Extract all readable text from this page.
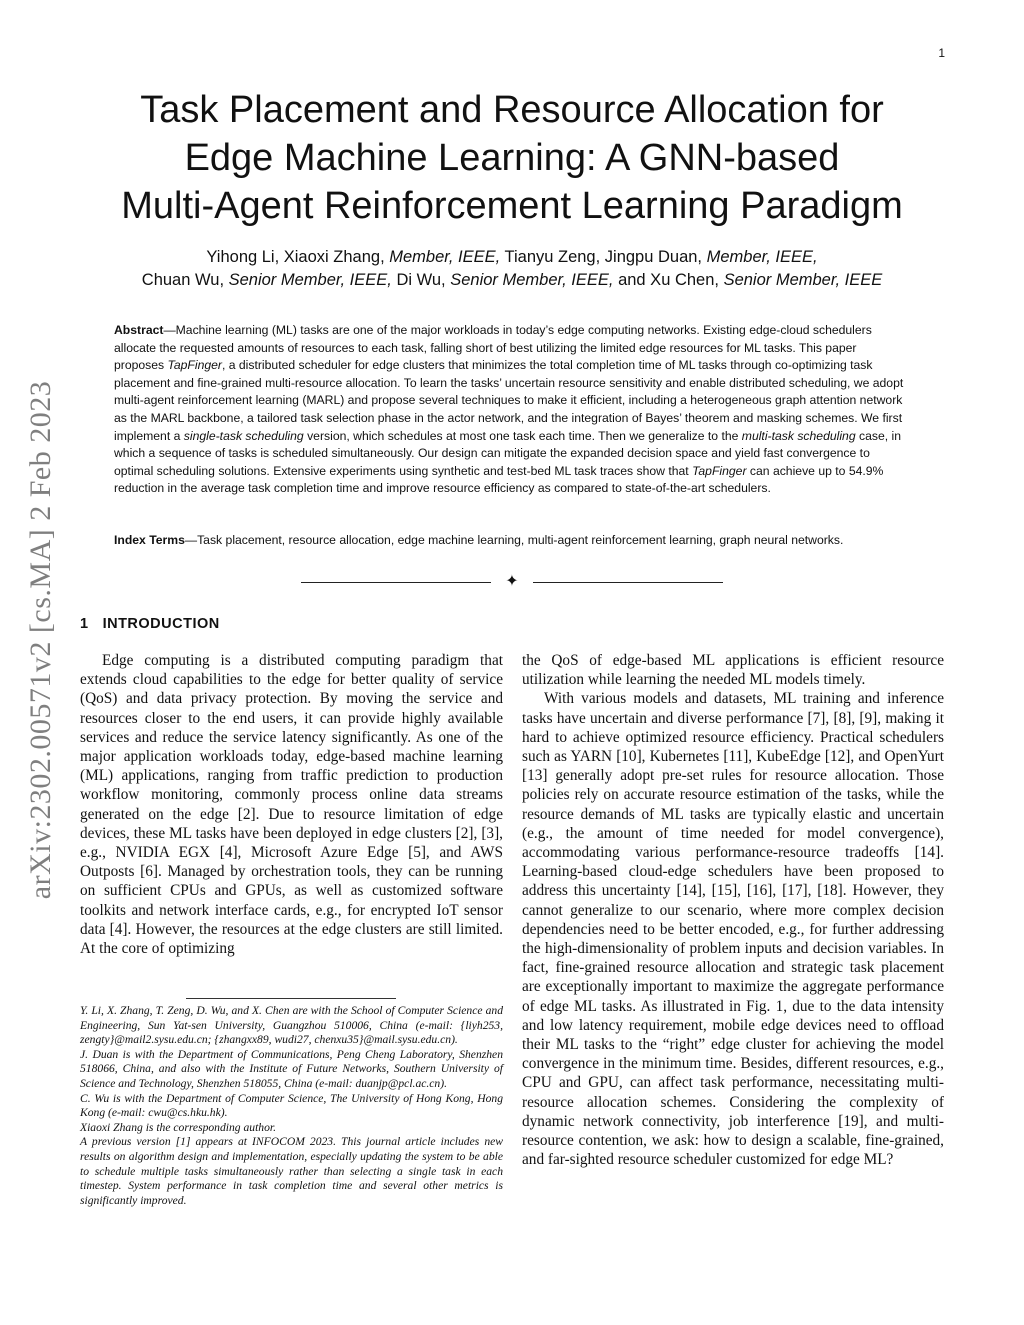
1
arXiv:2302.00571v2 [cs.MA] 2 Feb 2023
Task Placement and Resource Allocation for
Edge Machine Learning: A GNN-based
Multi-Agent Reinforcement Learning Paradigm
Yihong Li, Xiaoxi Zhang, Member, IEEE, Tianyu Zeng, Jingpu Duan, Member, IEEE,
Chuan Wu, Senior Member, IEEE, Di Wu, Senior Member, IEEE, and Xu Chen, Senior Member, IEEE
Abstract—Machine learning (ML) tasks are one of the major workloads in today’s edge computing networks. Existing edge-cloud schedulers allocate the requested amounts of resources to each task, falling short of best utilizing the limited edge resources for ML tasks. This paper proposes TapFinger, a distributed scheduler for edge clusters that minimizes the total completion time of ML tasks through co-optimizing task placement and fine-grained multi-resource allocation. To learn the tasks’ uncertain resource sensitivity and enable distributed scheduling, we adopt multi-agent reinforcement learning (MARL) and propose several techniques to make it efficient, including a heterogeneous graph attention network as the MARL backbone, a tailored task selection phase in the actor network, and the integration of Bayes’ theorem and masking schemes. We first implement a single-task scheduling version, which schedules at most one task each time. Then we generalize to the multi-task scheduling case, in which a sequence of tasks is scheduled simultaneously. Our design can mitigate the expanded decision space and yield fast convergence to optimal scheduling solutions. Extensive experiments using synthetic and test-bed ML task traces show that TapFinger can achieve up to 54.9% reduction in the average task completion time and improve resource efficiency as compared to state-of-the-art schedulers.
Index Terms—Task placement, resource allocation, edge machine learning, multi-agent reinforcement learning, graph neural networks.
✦
1 INTRODUCTION

Edge computing is a distributed computing paradigm that extends cloud capabilities to the edge for better quality of service (QoS) and data privacy protection. By moving the service and resources closer to the end users, it can provide highly available services and reduce the service latency significantly. As one of the major application workloads today, edge-based machine learning (ML) applications, ranging from traffic prediction to production workflow monitoring, commonly process online data streams generated on the edge [2]. Due to resource limitation of edge devices, these ML tasks have been deployed in edge clusters [2], [3], e.g., NVIDIA EGX [4], Microsoft Azure Edge [5], and AWS Outposts [6]. Managed by orchestration tools, they can be running on sufficient CPUs and GPUs, as well as customized software toolkits and network interface cards, e.g., for encrypted IoT sensor data [4]. However, the resources at the edge clusters are still limited. At the core of optimizing

Y. Li, X. Zhang, T. Zeng, D. Wu, and X. Chen are with the School of Computer Science and Engineering, Sun Yat-sen University, Guangzhou 510006, China (e-mail: {liyh253, zengty}@mail2.sysu.edu.cn; {zhangxx89, wudi27, chenxu35}@mail.sysu.edu.cn).

J. Duan is with the Department of Communications, Peng Cheng Laboratory, Shenzhen 518066, China, and also with the Institute of Future Networks, Southern University of Science and Technology, Shenzhen 518055, China (e-mail: duanjp@pcl.ac.cn).

C. Wu is with the Department of Computer Science, The University of Hong Kong, Hong Kong (e-mail: cwu@cs.hku.hk).

Xiaoxi Zhang is the corresponding author.

A previous version [1] appears at INFOCOM 2023. This journal article includes new results on algorithm design and implementation, especially updating the system to be able to schedule multiple tasks simultaneously rather than selecting a single task in each timestep. System performance in task completion time and several other metrics is significantly improved.

the QoS of edge-based ML applications is efficient resource utilization while learning the needed ML models timely.

With various models and datasets, ML training and inference tasks have uncertain and diverse performance [7], [8], [9], making it hard to achieve optimized resource efficiency. Practical schedulers such as YARN [10], Kubernetes [11], KubeEdge [12], and OpenYurt [13] generally adopt pre-set rules for resource allocation. Those policies rely on accurate resource estimation of the tasks, while the resource demands of ML tasks are typically elastic and uncertain (e.g., the amount of time needed for model convergence), accommodating various performance-resource tradeoffs [14]. Learning-based cloud-edge schedulers have been proposed to address this uncertainty [14], [15], [16], [17], [18]. However, they cannot generalize to our scenario, where more complex decision dependencies need to be better encoded, e.g., for further addressing the high-dimensionality of problem inputs and decision variables. In fact, fine-grained resource allocation and strategic task placement are exceptionally important to maximize the aggregate performance of edge ML tasks. As illustrated in Fig. 1, due to the data intensity and low latency requirement, mobile edge devices need to offload their ML tasks to the “right” edge cluster for achieving the model convergence in the minimum time. Besides, different resources, e.g., CPU and GPU, can affect task performance, necessitating multi-resource allocation schemes. Considering the complexity of dynamic network connectivity, job interference [19], and multi-resource contention, we ask: how to design a scalable, fine-grained, and far-sighted resource scheduler customized for edge ML?
